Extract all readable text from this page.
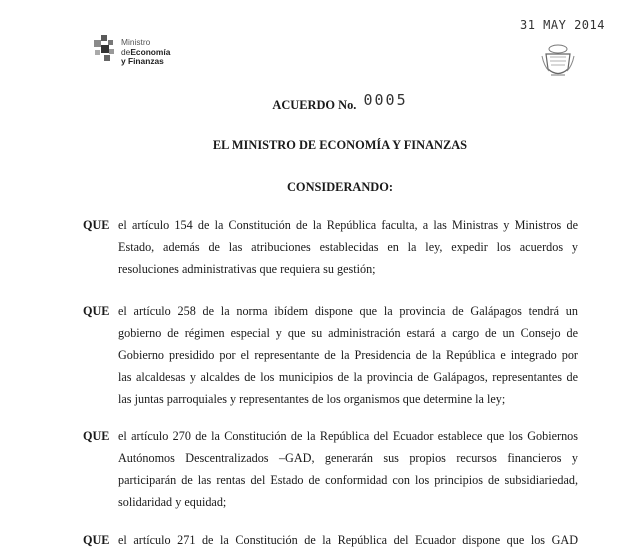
Ministro
deEconomía
y Finanzas
31 MAY 2014
ACUERDO No. 0005
EL MINISTRO DE ECONOMÍA Y FINANZAS
CONSIDERANDO:
QUE el artículo 154 de la Constitución de la República faculta, a las Ministras y Ministros de
Estado, además de las atribuciones establecidas en la ley, expedir los acuerdos y
resoluciones administrativas que requiera su gestión;
QUE el artículo 258 de la norma ibídem dispone que la provincia de Galápagos tendrá un
gobierno de régimen especial y que su administración estará a cargo de un Consejo de
Gobierno presidido por el representante de la Presidencia de la República e integrado por
las alcaldesas y alcaldes de los municipios de la provincia de Galápagos, representantes de
las juntas parroquiales y representantes de los organismos que determine la ley;
QUE el artículo 270 de la Constitución de la República del Ecuador establece que los Gobiernos
Autónomos Descentralizados –GAD, generarán sus propios recursos financieros y
participarán de las rentas del Estado de conformidad con los principios de subsidiariedad,
solidaridad y equidad;
QUE el artículo 271 de la Constitución de la República del Ecuador dispone que los GAD
